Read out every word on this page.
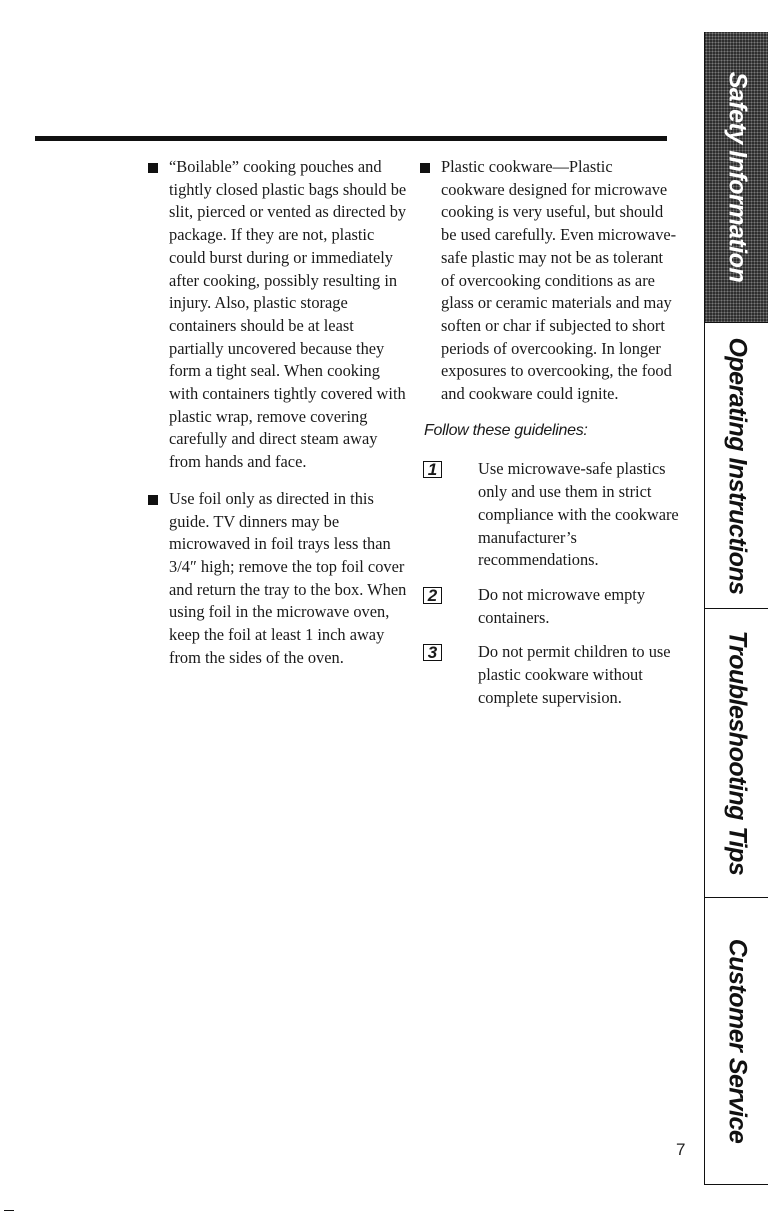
“Boilable” cooking pouches and tightly closed plastic bags should be slit, pierced or vented as directed by package. If they are not, plastic could burst during or immediately after cooking, possibly resulting in injury. Also, plastic storage containers should be at least partially uncovered because they form a tight seal. When cooking with containers tightly covered with plastic wrap, remove covering carefully and direct steam away from hands and face.
Use foil only as directed in this guide. TV dinners may be microwaved in foil trays less than 3/4″ high; remove the top foil cover and return the tray to the box. When using foil in the microwave oven, keep the foil at least 1 inch away from the sides of the oven.
Plastic cookware—Plastic cookware designed for microwave cooking is very useful, but should be used carefully. Even microwave-safe plastic may not be as tolerant of overcooking conditions as are glass or ceramic materials and may soften or char if subjected to short periods of overcooking. In longer exposures to overcooking, the food and cookware could ignite.
Follow these guidelines:
1 Use microwave-safe plastics only and use them in strict compliance with the cookware manufacturer’s recommendations.
2 Do not microwave empty containers.
3 Do not permit children to use plastic cookware without complete supervision.
Safety Information
Operating Instructions
Troubleshooting Tips
Customer Service
7
